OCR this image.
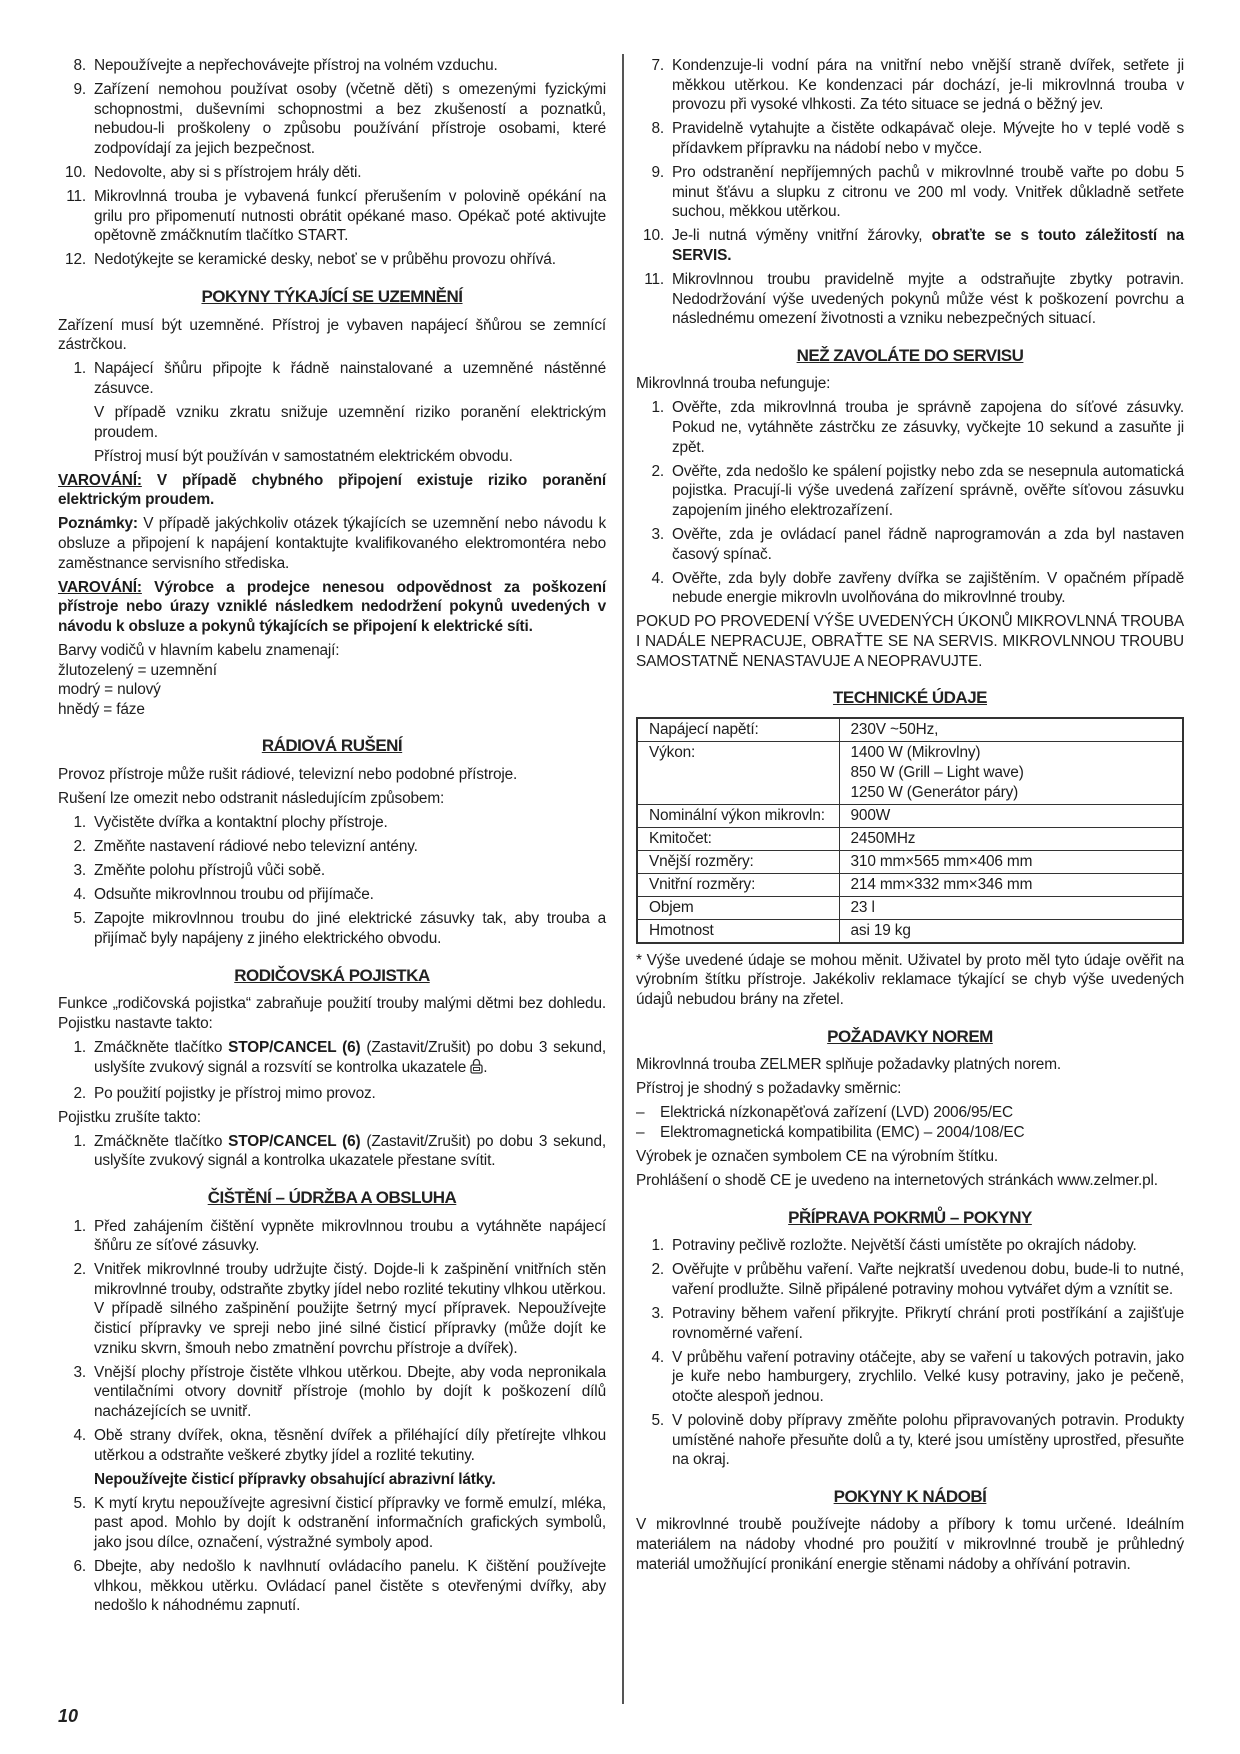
8. Nepoužívejte a nepřechovávejte přístroj na volném vzduchu.
9. Zařízení nemohou používat osoby (včetně děti) s omezenými fyzickými schopnostmi, duševními schopnostmi a bez zkušeností a poznatků, nebudou-li proškoleny o způsobu používání přístroje osobami, které zodpovídají za jejich bezpečnost.
10. Nedovolte, aby si s přístrojem hrály děti.
11. Mikrovlnná trouba je vybavená funkcí přerušením v polovině opékání na grilu pro připomenutí nutnosti obrátit opékané maso. Opékač poté aktivujte opětovně zmáčknutím tlačítko START.
12. Nedotýkejte se keramické desky, neboť se v průběhu provozu ohřívá.
POKYNY TÝKAJÍCÍ SE UZEMNĚNÍ
Zařízení musí být uzemněné. Přístroj je vybaven napájecí šňůrou se zemnící zástrčkou.
1. Napájecí šňůru připojte k řádně nainstalované a uzemněné nástěnné zásuvce.
V případě vzniku zkratu snižuje uzemnění riziko poranění elektrickým proudem.
Přístroj musí být používán v samostatném elektrickém obvodu.
VAROVÁNÍ: V případě chybného připojení existuje riziko poranění elektrickým proudem.
Poznámky: V případě jakýchkoliv otázek týkajících se uzemnění nebo návodu k obsluze a připojení k napájení kontaktujte kvalifikovaného elektromontéra nebo zaměstnance servisního střediska.
VAROVÁNÍ: Výrobce a prodejce nenesou odpovědnost za poškození přístroje nebo úrazy vzniklé následkem nedodržení pokynů uvedených v návodu k obsluze a pokynů týkajících se připojení k elektrické síti.
Barvy vodičů v hlavním kabelu znamenají:
žlutozelený = uzemnění
modrý = nulový
hnědý = fáze
RÁDIOVÁ RUŠENÍ
Provoz přístroje může rušit rádiové, televizní nebo podobné přístroje.
Rušení lze omezit nebo odstranit následujícím způsobem:
1. Vyčistěte dvířka a kontaktní plochy přístroje.
2. Změňte nastavení rádiové nebo televizní antény.
3. Změňte polohu přístrojů vůči sobě.
4. Odsuňte mikrovlnnou troubu od přijímače.
5. Zapojte mikrovlnnou troubu do jiné elektrické zásuvky tak, aby trouba a přijímač byly napájeny z jiného elektrického obvodu.
RODIČOVSKÁ POJISTKA
Funkce „rodičovská pojistka“ zabraňuje použití trouby malými dětmi bez dohledu. Pojistku nastavte takto:
1. Zmáčkněte tlačítko STOP/CANCEL (6) (Zastavit/Zrušit) po dobu 3 sekund, uslyšíte zvukový signál a rozsvítí se kontrolka ukazatele .
2. Po použití pojistky je přístroj mimo provoz.
Pojistku zrušíte takto:
1. Zmáčkněte tlačítko STOP/CANCEL (6) (Zastavit/Zrušit) po dobu 3 sekund, uslyšíte zvukový signál a kontrolka ukazatele přestane svítit.
ČIŠTĚNÍ – ÚDRŽBA A OBSLUHA
1. Před zahájením čištění vypněte mikrovlnnou troubu a vytáhněte napájecí šňůru ze síťové zásuvky.
2. Vnitřek mikrovlnné trouby udržujte čistý. Dojde-li k zašpinění vnitřních stěn mikrovlnné trouby, odstraňte zbytky jídel nebo rozlité tekutiny vlhkou utěrkou. V případě silného zašpinění použijte šetrný mycí přípravek. Nepoužívejte čisticí přípravky ve spreji nebo jiné silné čisticí přípravky (může dojít ke vzniku skvrn, šmouh nebo zmatnění povrchu přístroje a dvířek).
3. Vnější plochy přístroje čistěte vlhkou utěrkou. Dbejte, aby voda nepronikala ventilačními otvory dovnitř přístroje (mohlo by dojít k poškození dílů nacházejících se uvnitř.
4. Obě strany dvířek, okna, těsnění dvířek a přiléhající díly přetírejte vlhkou utěrkou a odstraňte veškeré zbytky jídel a rozlité tekutiny.
Nepoužívejte čisticí přípravky obsahující abrazivní látky.
5. K mytí krytu nepoužívejte agresivní čisticí přípravky ve formě emulzí, mléka, past apod. Mohlo by dojít k odstranění informačních grafických symbolů, jako jsou dílce, označení, výstražné symboly apod.
6. Dbejte, aby nedošlo k navlhnutí ovládacího panelu. K čištění používejte vlhkou, měkkou utěrku. Ovládací panel čistěte s otevřenými dvířky, aby nedošlo k náhodnému zapnutí.
7. Kondenzuje-li vodní pára na vnitřní nebo vnější straně dvířek, setřete ji měkkou utěrkou. Ke kondenzaci pár dochází, je-li mikrovlnná trouba v provozu při vysoké vlhkosti. Za této situace se jedná o běžný jev.
8. Pravidelně vytahujte a čistěte odkapávač oleje. Mývejte ho v teplé vodě s přídavkem přípravku na nádobí nebo v myčce.
9. Pro odstranění nepříjemných pachů v mikrovlnné troubě vařte po dobu 5 minut šťávu a slupku z citronu ve 200 ml vody. Vnitřek důkladně setřete suchou, měkkou utěrkou.
10. Je-li nutná výměny vnitřní žárovky, obraťte se s touto záležitostí na SERVIS.
11. Mikrovlnnou troubu pravidelně myjte a odstraňujte zbytky potravin. Nedodržování výše uvedených pokynů může vést k poškození povrchu a následnému omezení životnosti a vzniku nebezpečných situací.
NEŽ ZAVOLÁTE DO SERVISU
Mikrovlnná trouba nefunguje:
1. Ověřte, zda mikrovlnná trouba je správně zapojena do síťové zásuvky. Pokud ne, vytáhněte zástrčku ze zásuvky, vyčkejte 10 sekund a zasuňte ji zpět.
2. Ověřte, zda nedošlo ke spálení pojistky nebo zda se nesepnula automatická pojistka. Pracují-li výše uvedená zařízení správně, ověřte síťovou zásuvku zapojením jiného elektrozařízení.
3. Ověřte, zda je ovládací panel řádně naprogramován a zda byl nastaven časový spínač.
4. Ověřte, zda byly dobře zavřeny dvířka se zajištěním. V opačném případě nebude energie mikrovln uvolňována do mikrovlnné trouby.
POKUD PO PROVEDENÍ VÝŠE UVEDENÝCH ÚKONŮ MIKROVLNNÁ TROUBA I NADÁLE NEPRACUJE, OBRAŤTE SE NA SERVIS. MIKROVLNNOU TROUBU SAMOSTATNĚ NENASTAVUJE A NEOPRAVUJTE.
TECHNICKÉ ÚDAJE
Napájecí napětí:	230V ~50Hz,

Výkon:	1400 W (Mikrovlny)
850 W (Grill – Light wave)
1250 W (Generátor páry)

Nominální výkon mikrovln:	900W

Kmitočet:	2450MHz

Vnější rozměry:	310 mm×565 mm×406 mm

Vnitřní rozměry:	214 mm×332 mm×346 mm

Objem	23 l

Hmotnost	asi 19 kg
* Výše uvedené údaje se mohou měnit. Uživatel by proto měl tyto údaje ověřit na výrobním štítku přístroje. Jakékoliv reklamace týkající se chyb výše uvedených údajů nebudou brány na zřetel.
POŽADAVKY NOREM
Mikrovlnná trouba ZELMER splňuje požadavky platných norem.
Přístroj je shodný s požadavky směrnic:
–	Elektrická nízkonapěťová zařízení (LVD) 2006/95/EC
–	Elektromagnetická kompatibilita (EMC) – 2004/108/EC
Výrobek je označen symbolem CE na výrobním štítku.
Prohlášení o shodě CE je uvedeno na internetových stránkách www.zelmer.pl.
PŘÍPRAVA POKRMŮ – POKYNY
1. Potraviny pečlivě rozložte. Největší části umístěte po okrajích nádoby.
2. Ověřujte v průběhu vaření. Vařte nejkratší uvedenou dobu, bude-li to nutné, vaření prodlužte. Silně připálené potraviny mohou vytvářet dým a vznítit se.
3. Potraviny během vaření přikryjte. Přikrytí chrání proti postříkání a zajišťuje rovnoměrné vaření.
4. V průběhu vaření potraviny otáčejte, aby se vaření u takových potravin, jako je kuře nebo hamburgery, zrychlilo. Velké kusy potraviny, jako je pečeně, otočte alespoň jednou.
5. V polovině doby přípravy změňte polohu připravovaných potravin. Produkty umístěné nahoře přesuňte dolů a ty, které jsou umístěny uprostřed, přesuňte na okraj.
POKYNY K NÁDOBÍ
V mikrovlnné troubě používejte nádoby a příbory k tomu určené. Ideálním materiálem na nádoby vhodné pro použití v mikrovlnné troubě je průhledný materiál umožňující pronikání energie stěnami nádoby a ohřívání potravin.
10
